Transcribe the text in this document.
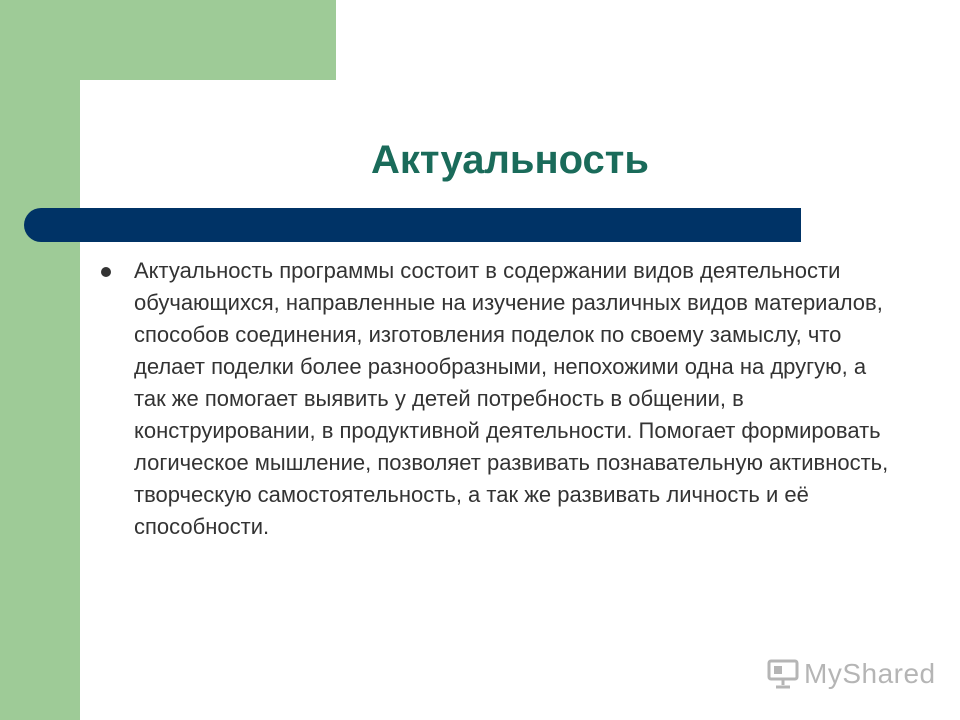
Актуальность

Актуальность программы состоит в содержании видов деятельности обучающихся, направленные на изучение различных видов материалов, способов соединения, изготовления поделок по своему замыслу, что делает поделки более разнообразными, непохожими одна на другую, а так же помогает выявить у детей потребность в общении, в конструировании, в продуктивной деятельности. Помогает формировать логическое мышление, позволяет развивать познавательную активность, творческую самостоятельность, а так же развивать личность и её способности.

MyShared
